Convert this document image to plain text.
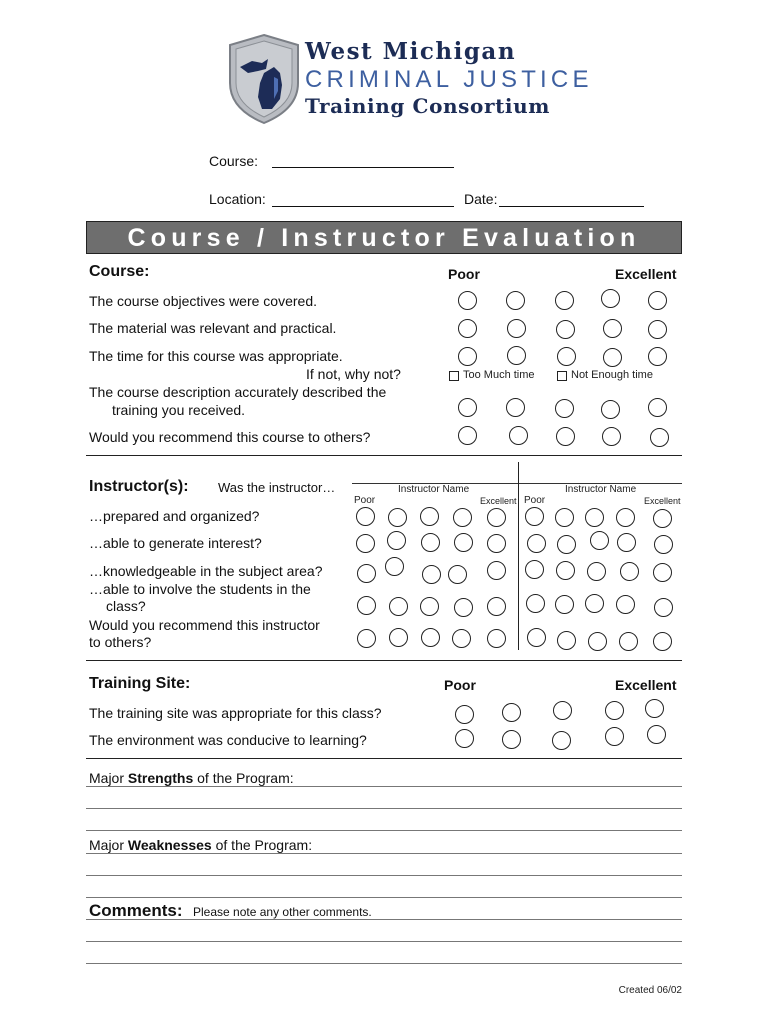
West Michigan
CRIMINAL JUSTICE
Training Consortium
Course:
Location:	Date:
Course / Instructor Evaluation
Course:	Poor	Excellent
The course objectives were covered.
The material was relevant and practical.
The time for this course was appropriate.
If not, why not?
The course description accurately described the
training you received.
Would you recommend this course to others?
Too Much time	Not Enough time
Instructor(s): Was the instructor…	Instructor Name	Instructor Name
Poor	Excellent Poor	Excellent
…prepared and organized?
…able to generate interest?
…knowledgeable in the subject area?
…able to involve the students in the
class?
Would you recommend this instructor
to others?
Training Site:	Poor	Excellent
The training site was appropriate for this class?
The environment was conducive to learning?
Major Strengths of the Program:
Major Weaknesses of the Program:
Comments: Please note any other comments.
Created 06/02
